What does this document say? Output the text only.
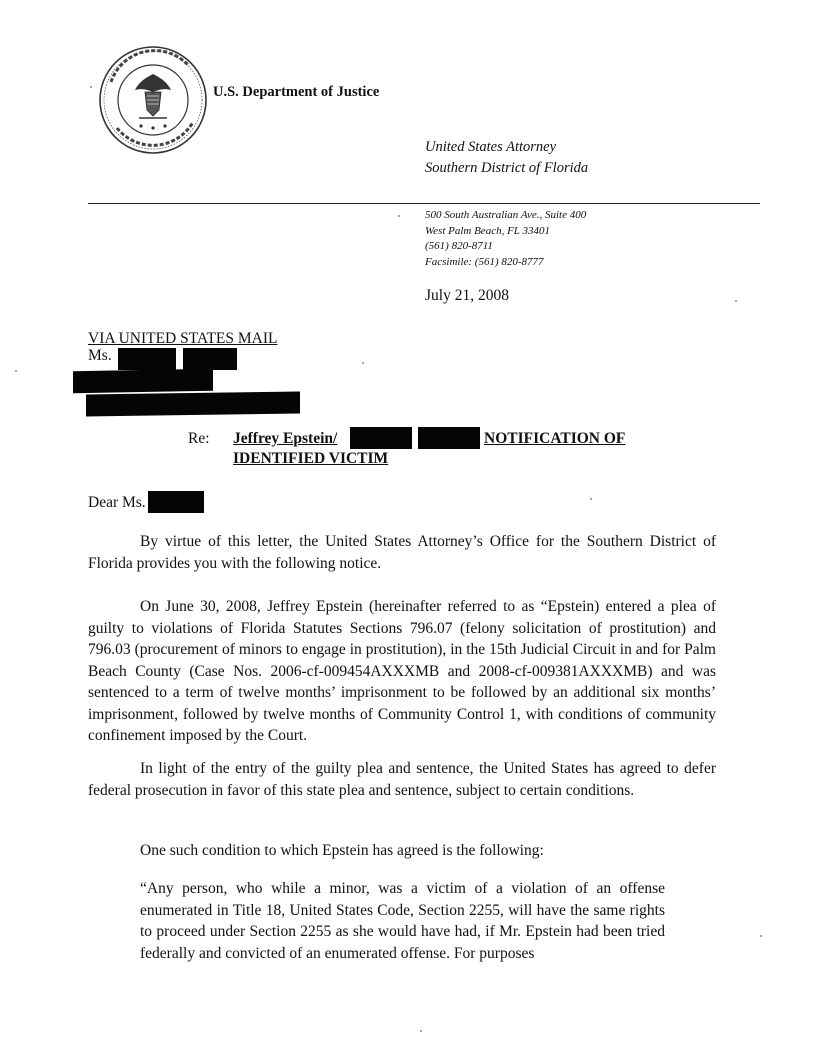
U.S. Department of Justice
United States Attorney
Southern District of Florida
500 South Australian Ave., Suite 400
West Palm Beach, FL 33401
(561) 820-8711
Facsimile: (561) 820-8777
July 21, 2008
VIA UNITED STATES MAIL
Ms.
Re: Jeffrey Epstein/	NOTIFICATION OF
IDENTIFIED VICTIM
Dear Ms.

By virtue of this letter, the United States Attorney’s Office for the Southern District of Florida provides you with the following notice.

On June 30, 2008, Jeffrey Epstein (hereinafter referred to as “Epstein) entered a plea of guilty to violations of Florida Statutes Sections 796.07 (felony solicitation of prostitution) and 796.03 (procurement of minors to engage in prostitution), in the 15th Judicial Circuit in and for Palm Beach County (Case Nos. 2006-cf-009454AXXXMB and 2008-cf-009381AXXXMB) and was sentenced to a term of twelve months’ imprisonment to be followed by an additional six months’ imprisonment, followed by twelve months of Community Control 1, with conditions of community confinement imposed by the Court.

In light of the entry of the guilty plea and sentence, the United States has agreed to defer federal prosecution in favor of this state plea and sentence, subject to certain conditions.

One such condition to which Epstein has agreed is the following:

“Any person, who while a minor, was a victim of a violation of an offense enumerated in Title 18, United States Code, Section 2255, will have the same rights to proceed under Section 2255 as she would have had, if Mr. Epstein had been tried federally and convicted of an enumerated offense. For purposes
